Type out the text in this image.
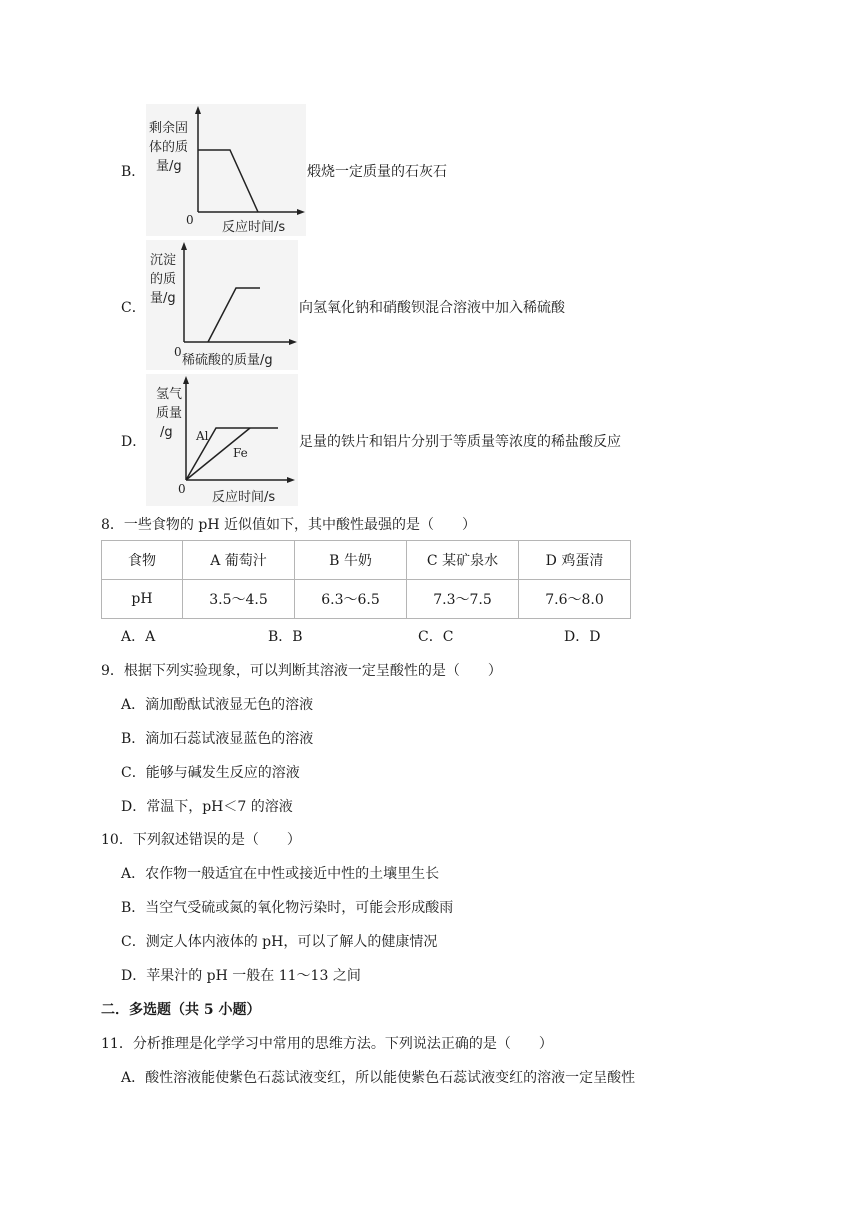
B．
剩余固
体的质
量/g
0 反应时间/s
煅烧一定质量的石灰石
C．
沉淀
的质
量/g
0
稀硫酸的质量/g
向氢氧化钠和硝酸钡混合溶液中加入稀硫酸
D．
氢气
质量
/g Al
Fe
0
反应时间/s
足量的铁片和铝片分别于等质量等浓度的稀盐酸反应
8．一些食物的 pH 近似值如下，其中酸性最强的是（　　）
食物	A 葡萄汁	B 牛奶	C 某矿泉水	D 鸡蛋清
pH	3.5～4.5	6.3～6.5	7.3～7.5	7.6～8.0
A．A	B．B	C．C	D．D
9．根据下列实验现象，可以判断其溶液一定呈酸性的是（　　）
A．滴加酚酞试液显无色的溶液
B．滴加石蕊试液显蓝色的溶液
C．能够与碱发生反应的溶液
D．常温下，pH＜7 的溶液
10．下列叙述错误的是（　　）
A．农作物一般适宜在中性或接近中性的土壤里生长
B．当空气受硫或氮的氧化物污染时，可能会形成酸雨
C．测定人体内液体的 pH，可以了解人的健康情况
D．苹果汁的 pH 一般在 11～13 之间
二．多选题（共 5 小题）
11．分析推理是化学学习中常用的思维方法。下列说法正确的是（　　）
A．酸性溶液能使紫色石蕊试液变红，所以能使紫色石蕊试液变红的溶液一定呈酸性
